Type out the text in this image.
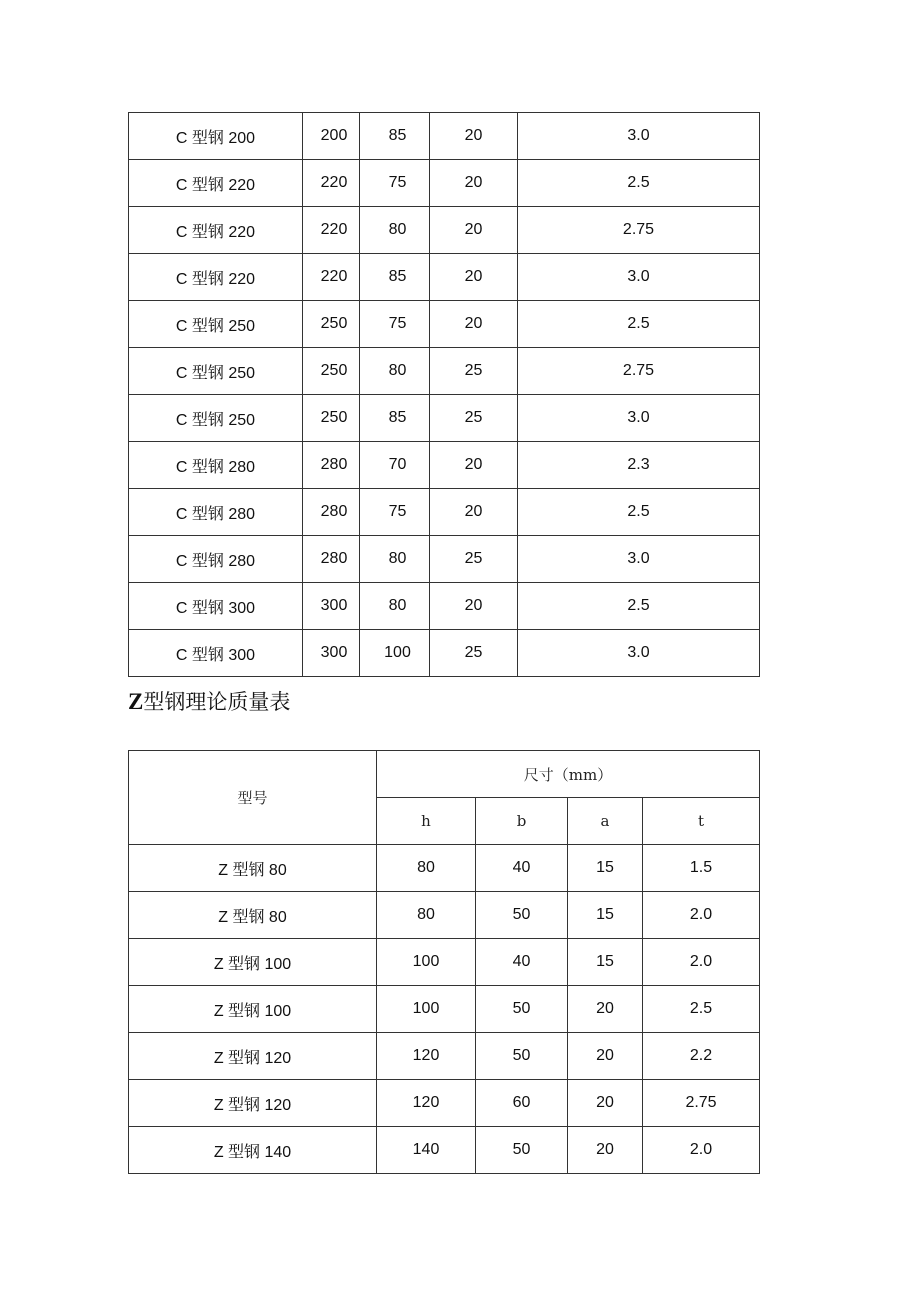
C 型钢 200	200	85	20	3.0
C 型钢 220	220	75	20	2.5
C 型钢 220	220	80	20	2.75
C 型钢 220	220	85	20	3.0
C 型钢 250	250	75	20	2.5
C 型钢 250	250	80	25	2.75
C 型钢 250	250	85	25	3.0
C 型钢 280	280	70	20	2.3
C 型钢 280	280	75	20	2.5
C 型钢 280	280	80	25	3.0
C 型钢 300	300	80	20	2.5
C 型钢 300	300	100	25	3.0
Z型钢理论质量表
型号	尺寸（mm）			
	h	b	a	t
Z 型钢 80	80	40	15	1.5
Z 型钢 80	80	50	15	2.0
Z 型钢 100	100	40	15	2.0
Z 型钢 100	100	50	20	2.5
Z 型钢 120	120	50	20	2.2
Z 型钢 120	120	60	20	2.75
Z 型钢 140	140	50	20	2.0
